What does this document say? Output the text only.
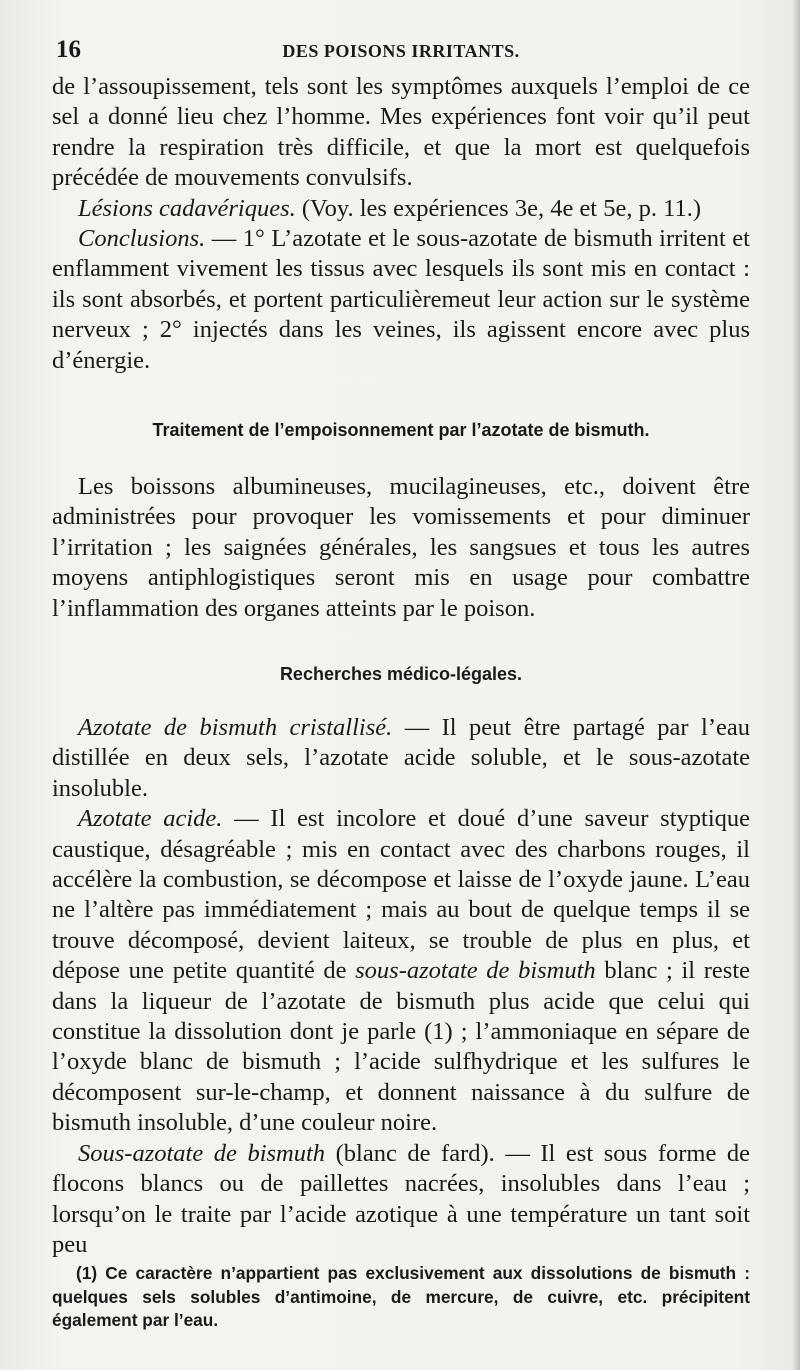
16	DES POISONS IRRITANTS.

de l’assoupissement, tels sont les symptômes auxquels l’emploi de ce sel a donné lieu chez l’homme. Mes expériences font voir qu’il peut rendre la respiration très difficile, et que la mort est quelquefois précédée de mouvements convulsifs.

Lésions cadavériques. (Voy. les expériences 3e, 4e et 5e, p. 11.)

Conclusions. — 1° L’azotate et le sous-azotate de bismuth irritent et enflamment vivement les tissus avec lesquels ils sont mis en contact : ils sont absorbés, et portent particulièremeut leur action sur le système nerveux ; 2° injectés dans les veines, ils agissent encore avec plus d’énergie.

Traitement de l’empoisonnement par l’azotate de bismuth.

Les boissons albumineuses, mucilagineuses, etc., doivent être administrées pour provoquer les vomissements et pour diminuer l’irritation ; les saignées générales, les sangsues et tous les autres moyens antiphlogistiques seront mis en usage pour combattre l’inflammation des organes atteints par le poison.

Recherches médico-légales.

Azotate de bismuth cristallisé. — Il peut être partagé par l’eau distillée en deux sels, l’azotate acide soluble, et le sous-azotate insoluble.

Azotate acide. — Il est incolore et doué d’une saveur styptique caustique, désagréable ; mis en contact avec des charbons rouges, il accélère la combustion, se décompose et laisse de l’oxyde jaune. L’eau ne l’altère pas immédiatement ; mais au bout de quelque temps il se trouve décomposé, devient laiteux, se trouble de plus en plus, et dépose une petite quantité de sous-azotate de bismuth blanc ; il reste dans la liqueur de l’azotate de bismuth plus acide que celui qui constitue la dissolution dont je parle (1) ; l’ammoniaque en sépare de l’oxyde blanc de bismuth ; l’acide sulfhydrique et les sulfures le décomposent sur-le-champ, et donnent naissance à du sulfure de bismuth insoluble, d’une couleur noire.

Sous-azotate de bismuth (blanc de fard). — Il est sous forme de flocons blancs ou de paillettes nacrées, insolubles dans l’eau ; lorsqu’on le traite par l’acide azotique à une température un tant soit peu

(1) Ce caractère n’appartient pas exclusivement aux dissolutions de bismuth : quelques sels solubles d’antimoine, de mercure, de cuivre, etc. précipitent également par l’eau.
